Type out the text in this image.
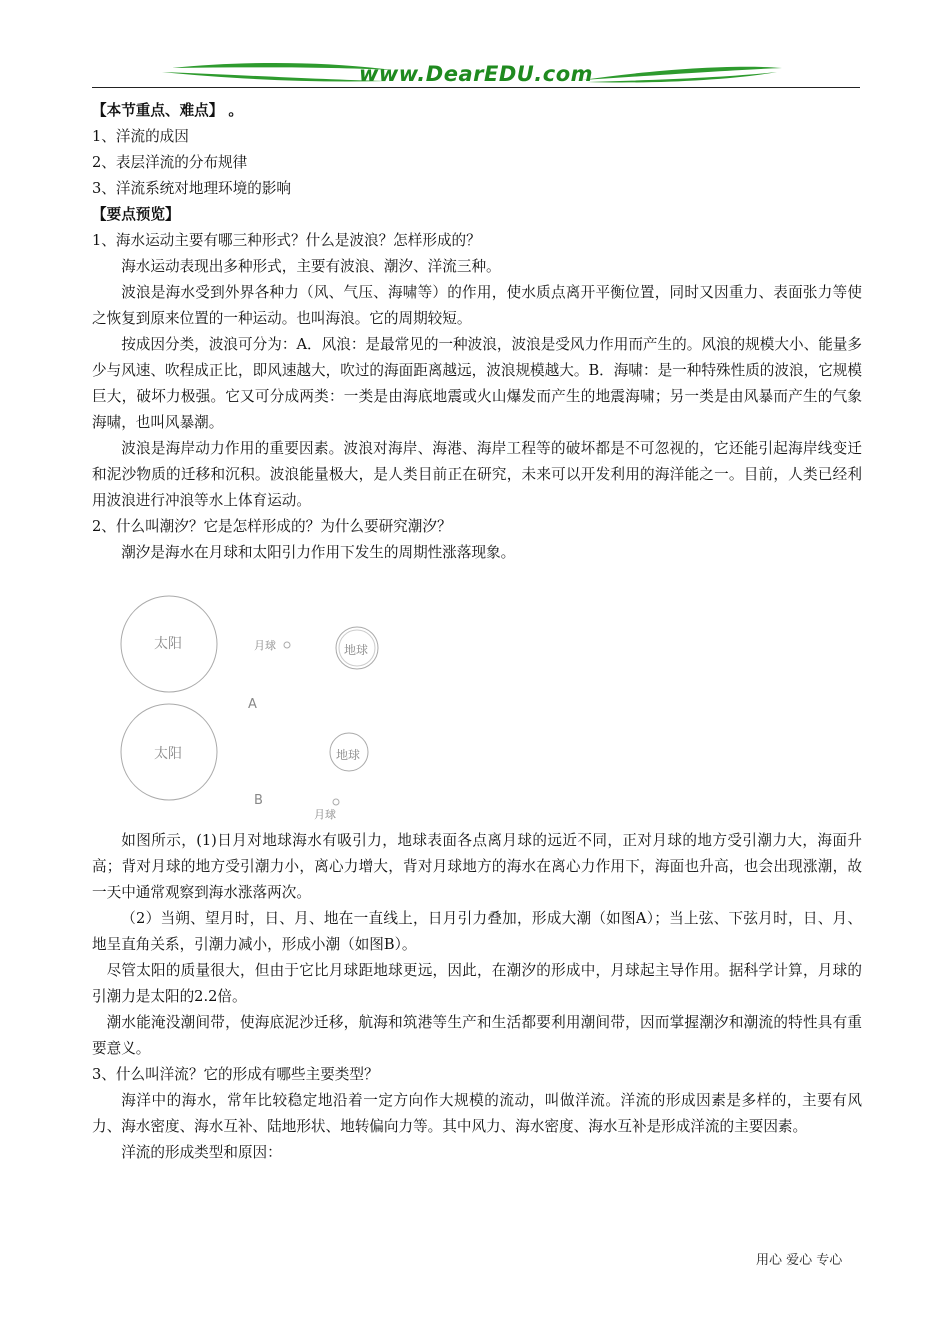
www.DearEDU.com
【本节重点、难点】 。
1、洋流的成因
2、表层洋流的分布规律
3、洋流系统对地理环境的影响
【要点预览】
1、海水运动主要有哪三种形式？什么是波浪？怎样形成的？
海水运动表现出多种形式，主要有波浪、潮汐、洋流三种。
波浪是海水受到外界各种力（风、气压、海啸等）的作用，使水质点离开平衡位置，同时又因重力、表面张力等使之恢复到原来位置的一种运动。也叫海浪。它的周期较短。
按成因分类，波浪可分为：A．风浪：是最常见的一种波浪，波浪是受风力作用而产生的。风浪的规模大小、能量多少与风速、吹程成正比，即风速越大，吹过的海面距离越远，波浪规模越大。B．海啸：是一种特殊性质的波浪，它规模巨大，破坏力极强。它又可分成两类：一类是由海底地震或火山爆发而产生的地震海啸；另一类是由风暴而产生的气象海啸，也叫风暴潮。
波浪是海岸动力作用的重要因素。波浪对海岸、海港、海岸工程等的破坏都是不可忽视的，它还能引起海岸线变迁和泥沙物质的迁移和沉积。波浪能量极大，是人类目前正在研究，未来可以开发利用的海洋能之一。目前，人类已经利用波浪进行冲浪等水上体育运动。
2、什么叫潮汐？它是怎样形成的？为什么要研究潮汐？
潮汐是海水在月球和太阳引力作用下发生的周期性涨落现象。
太阳	月球	地球
A
太阳	地球
B
月球
如图所示，(1)日月对地球海水有吸引力，地球表面各点离月球的远近不同，正对月球的地方受引潮力大，海面升高；背对月球的地方受引潮力小，离心力增大，背对月球地方的海水在离心力作用下，海面也升高，也会出现涨潮，故一天中通常观察到海水涨落两次。
（2）当朔、望月时，日、月、地在一直线上，日月引力叠加，形成大潮（如图A）；当上弦、下弦月时，日、月、地呈直角关系，引潮力减小，形成小潮（如图B）。
尽管太阳的质量很大，但由于它比月球距地球更远，因此，在潮汐的形成中，月球起主导作用。据科学计算，月球的引潮力是太阳的2.2倍。
潮水能淹没潮间带，使海底泥沙迁移，航海和筑港等生产和生活都要利用潮间带，因而掌握潮汐和潮流的特性具有重要意义。
3、什么叫洋流？它的形成有哪些主要类型？
海洋中的海水，常年比较稳定地沿着一定方向作大规模的流动，叫做洋流。洋流的形成因素是多样的，主要有风力、海水密度、海水互补、陆地形状、地转偏向力等。其中风力、海水密度、海水互补是形成洋流的主要因素。
洋流的形成类型和原因：
用心 爱心 专心
